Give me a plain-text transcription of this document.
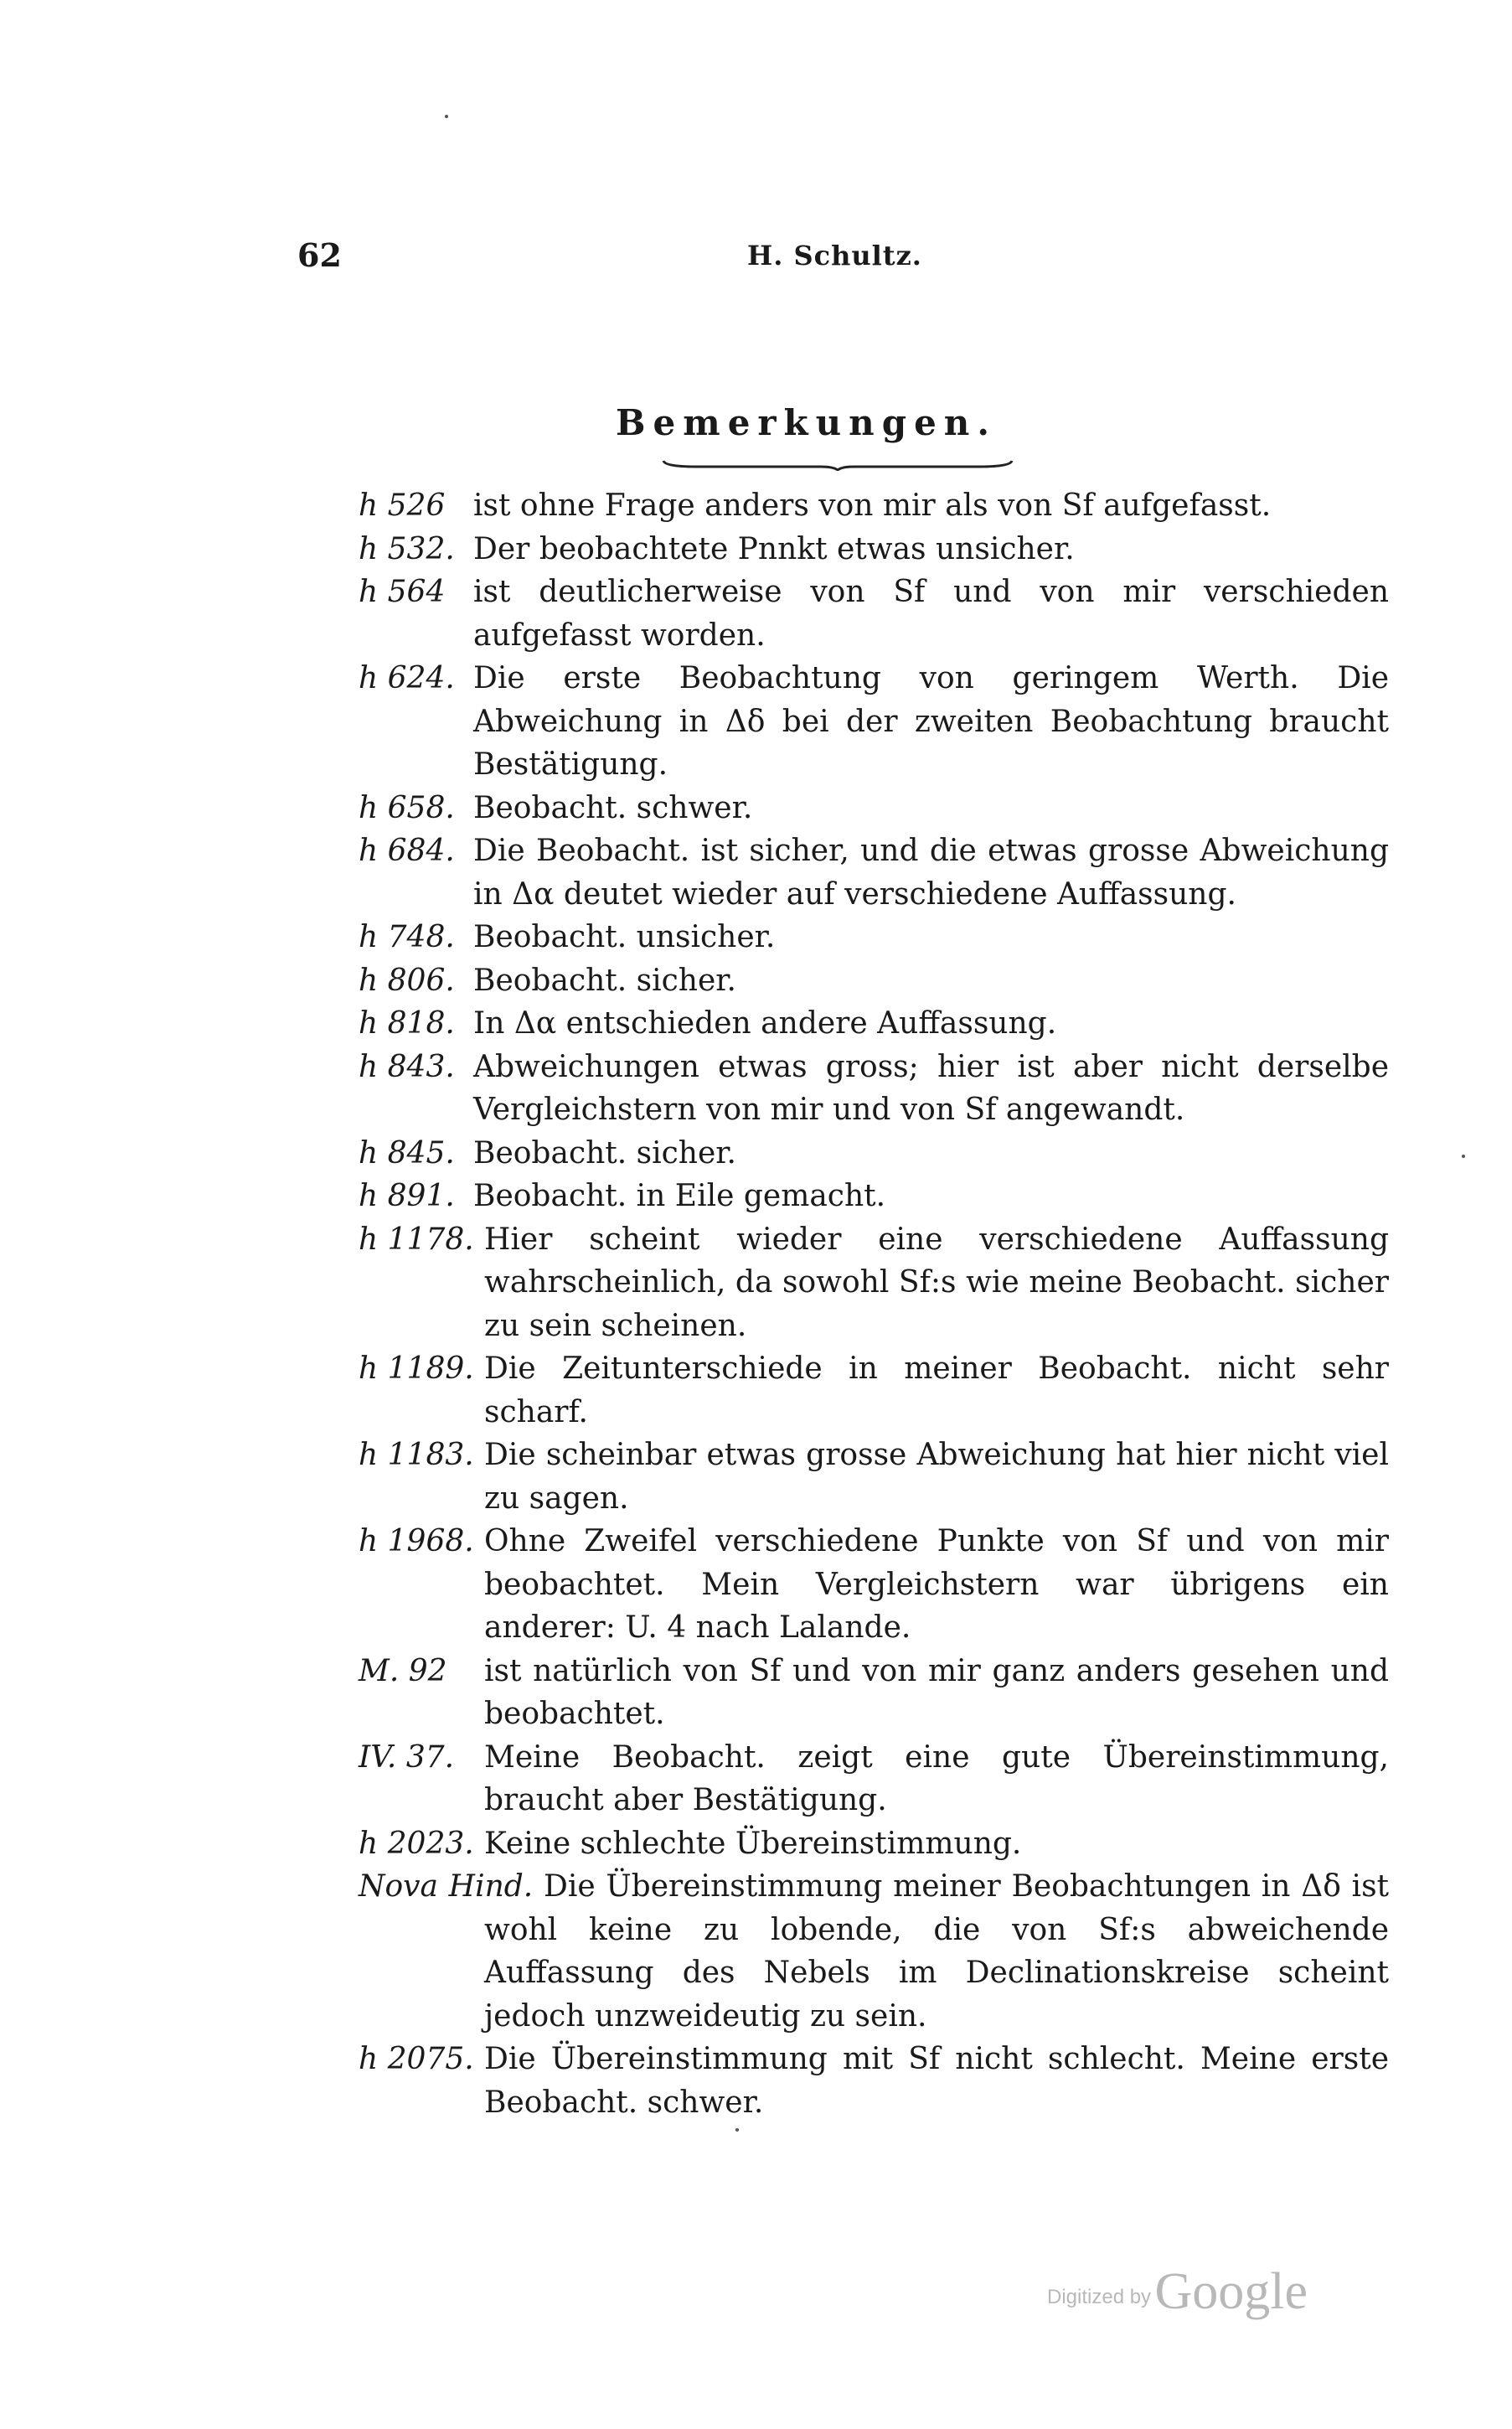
62	H. Schultz.
Bemerkungen.
h 526 ist ohne Frage anders von mir als von Sf aufgefasst.
h 532. Der beobachtete Pnnkt etwas unsicher.
h 564 ist deutlicherweise von Sf und von mir verschieden aufgefasst worden.
h 624. Die erste Beobachtung von geringem Werth. Die Abweichung in Δδ bei der zweiten Beobachtung braucht Bestätigung.
h 658. Beobacht. schwer.
h 684. Die Beobacht. ist sicher, und die etwas grosse Abweichung in Δα deutet wieder auf verschiedene Auffassung.
h 748. Beobacht. unsicher.
h 806. Beobacht. sicher.
h 818. In Δα entschieden andere Auffassung.
h 843. Abweichungen etwas gross; hier ist aber nicht derselbe Vergleichstern von mir und von Sf angewandt.
h 845. Beobacht. sicher.
h 891. Beobacht. in Eile gemacht.
h 1178. Hier scheint wieder eine verschiedene Auffassung wahrscheinlich, da sowohl Sf:s wie meine Beobacht. sicher zu sein scheinen.
h 1189. Die Zeitunterschiede in meiner Beobacht. nicht sehr scharf.
h 1183. Die scheinbar etwas grosse Abweichung hat hier nicht viel zu sagen.
h 1968. Ohne Zweifel verschiedene Punkte von Sf und von mir beobachtet. Mein Vergleichstern war übrigens ein anderer: U. 4 nach Lalande.
M. 92 ist natürlich von Sf und von mir ganz anders gesehen und beobachtet.
IV. 37. Meine Beobacht. zeigt eine gute Übereinstimmung, braucht aber Bestätigung.
h 2023. Keine schlechte Übereinstimmung.
Nova Hind. Die Übereinstimmung meiner Beobachtungen in Δδ ist wohl keine zu lobende, die von Sf:s abweichende Auffassung des Nebels im Declinationskreise scheint jedoch unzweideutig zu sein.
h 2075. Die Übereinstimmung mit Sf nicht schlecht. Meine erste Beobacht. schwer.
Digitized by Google
